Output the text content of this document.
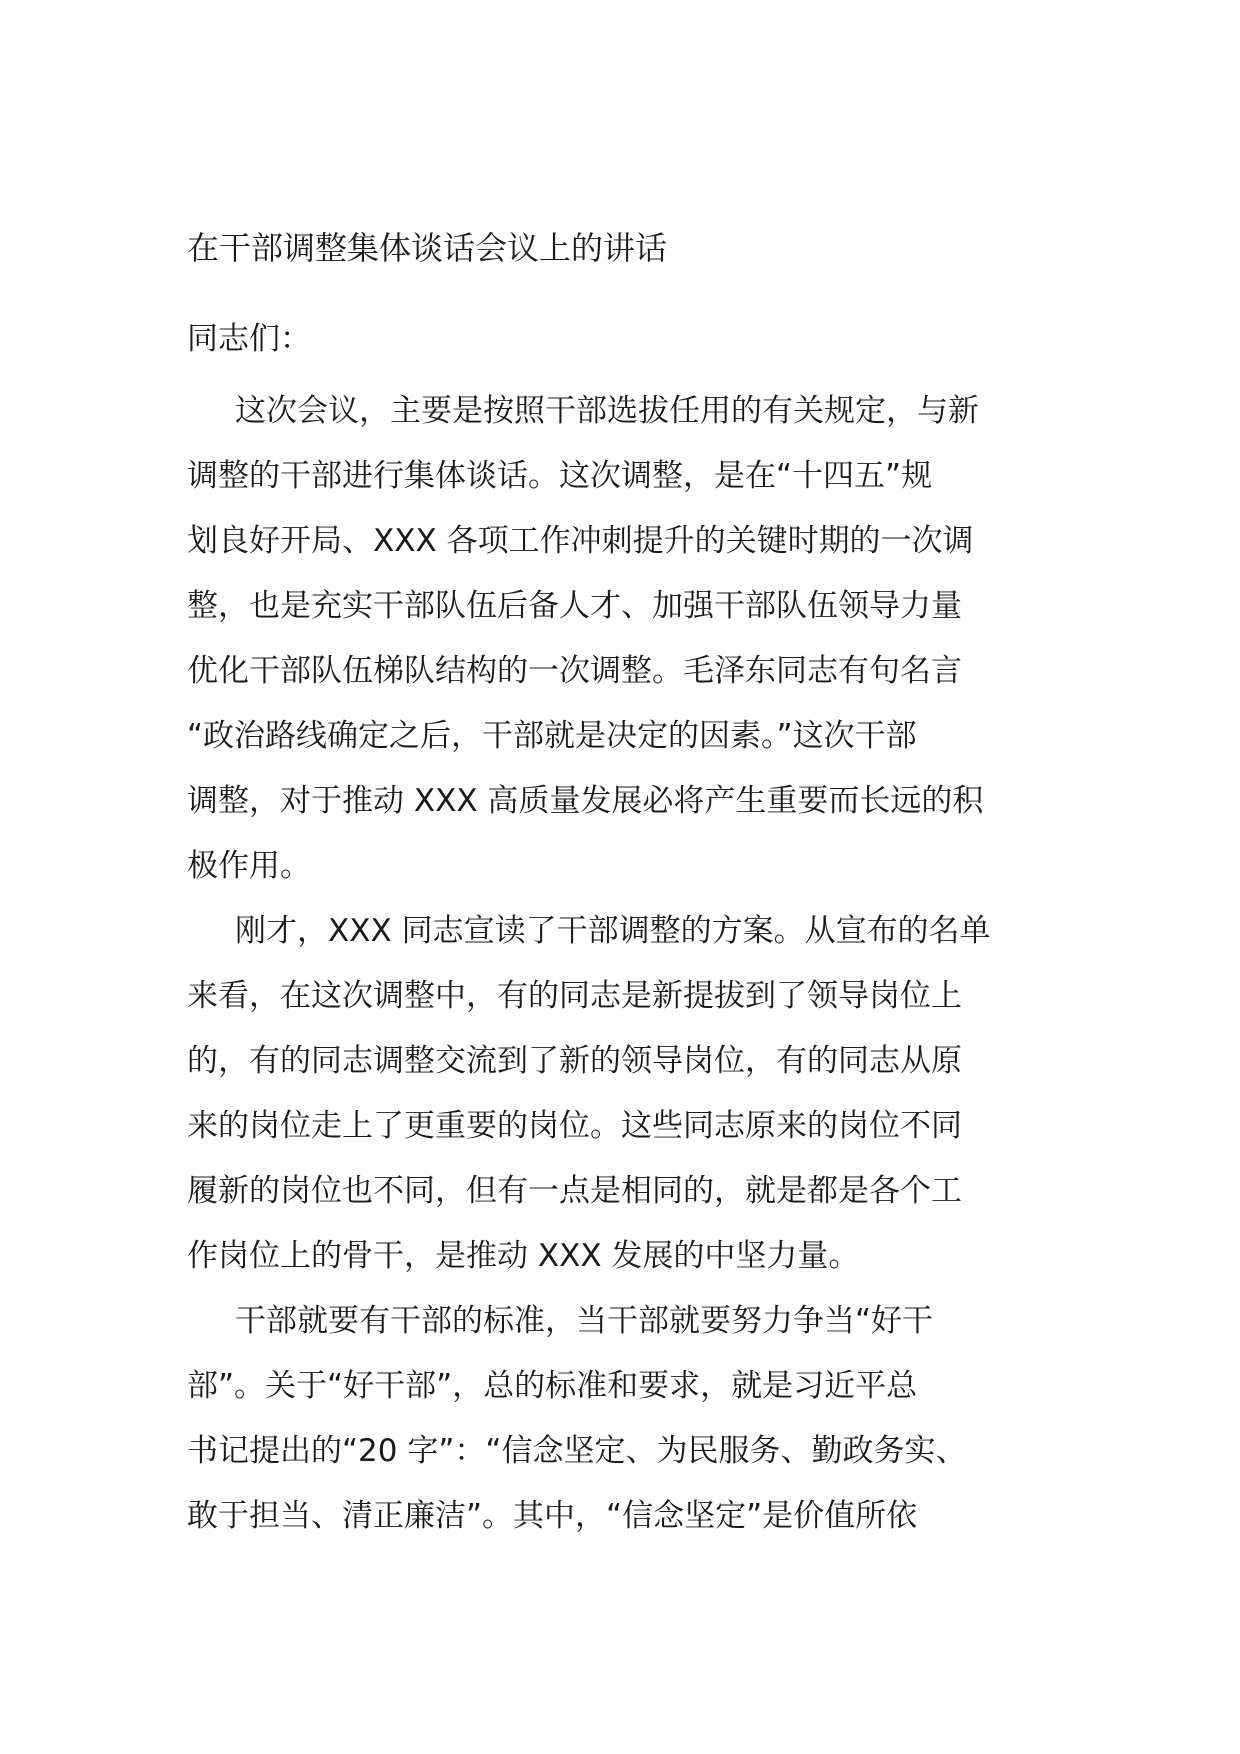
在干部调整集体谈话会议上的讲话

同志们：

这次会议，主要是按照干部选拔任用的有关规定，与新
调整的干部进行集体谈话。这次调整，是在“十四五”规
划良好开局、XXX 各项工作冲刺提升的关键时期的一次调
整，也是充实干部队伍后备人才、加强干部队伍领导力量
优化干部队伍梯队结构的一次调整。毛泽东同志有句名言
“政治路线确定之后，干部就是决定的因素。”这次干部
调整，对于推动 XXX 高质量发展必将产生重要而长远的积
极作用。
刚才，XXX 同志宣读了干部调整的方案。从宣布的名单
来看，在这次调整中，有的同志是新提拔到了领导岗位上
的，有的同志调整交流到了新的领导岗位，有的同志从原
来的岗位走上了更重要的岗位。这些同志原来的岗位不同
履新的岗位也不同，但有一点是相同的，就是都是各个工
作岗位上的骨干，是推动 XXX 发展的中坚力量。
干部就要有干部的标准，当干部就要努力争当“好干
部”。关于“好干部”，总的标准和要求，就是习近平总
书记提出的“20 字”：“信念坚定、为民服务、勤政务实、
敢于担当、清正廉洁”。其中，“信念坚定”是价值所依
